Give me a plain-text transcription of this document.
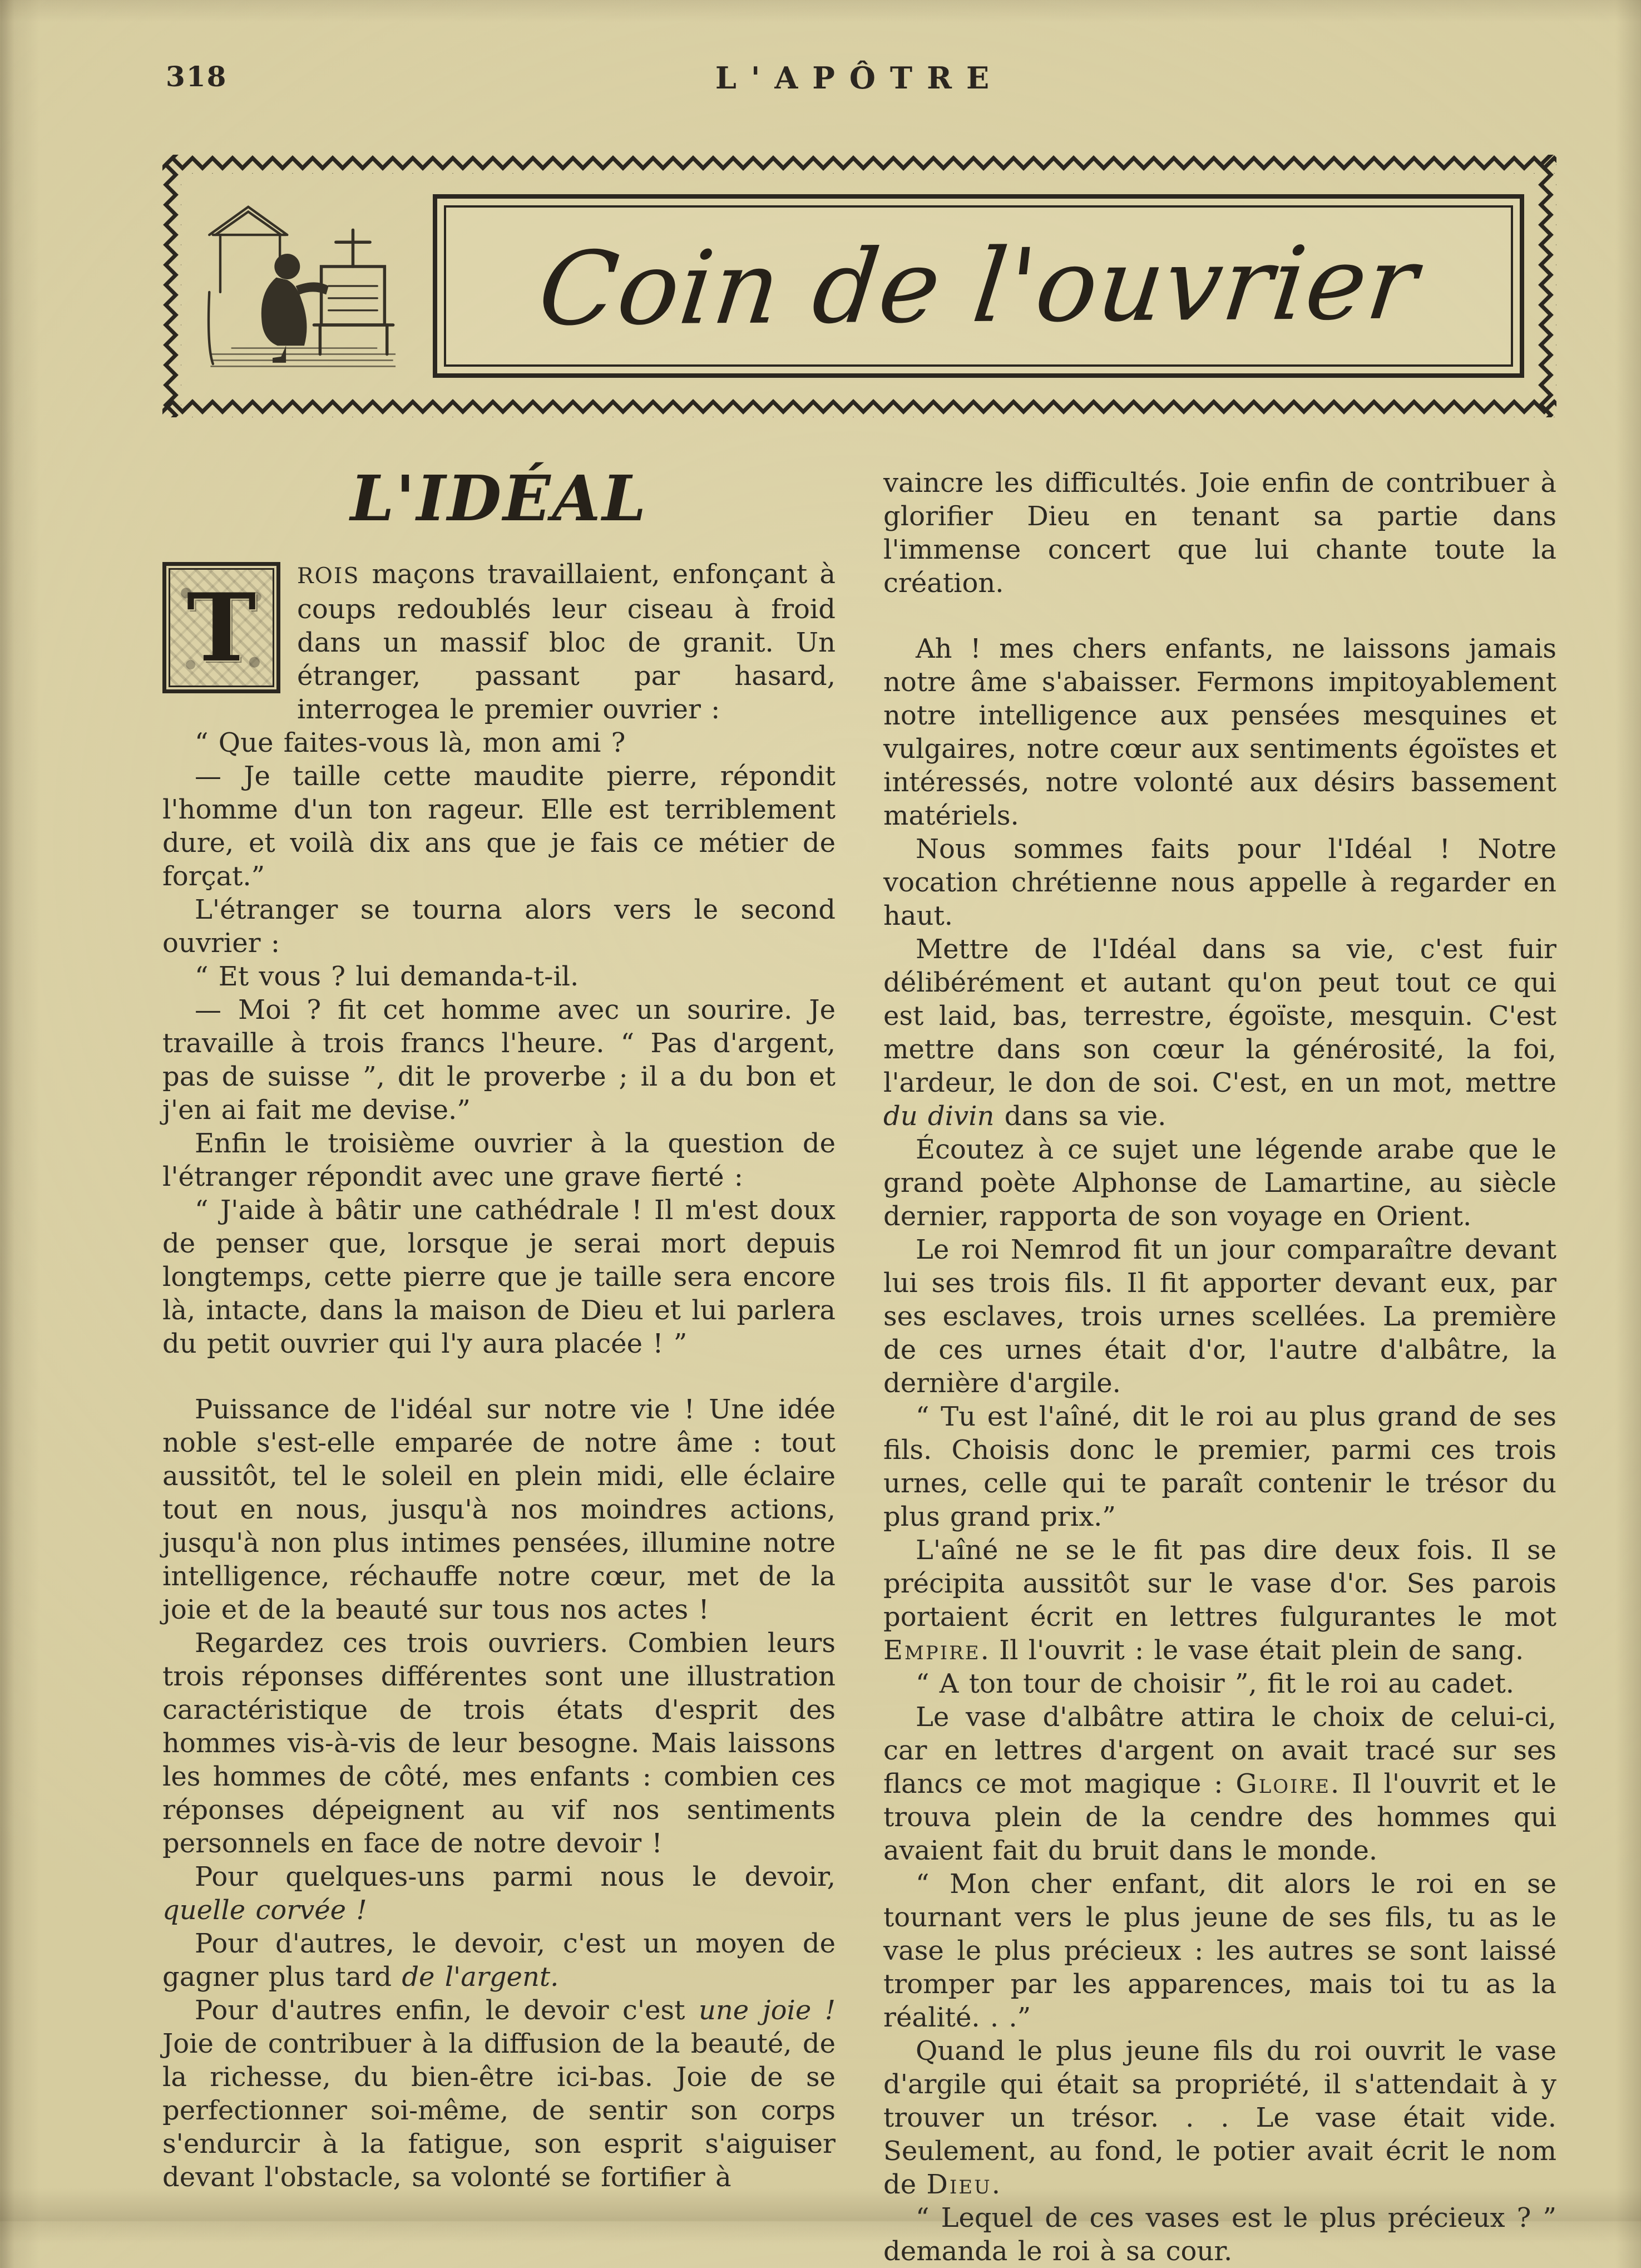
318	L'APÔTRE
Coin de l'ouvrier
L'IDÉAL

T ROIS maçons travaillaient, enfonçant à coups redoublés leur ciseau à froid dans un massif bloc de granit. Un étranger, passant par hasard, interrogea le premier ouvrier :

“ Que faites-vous là, mon ami ?

— Je taille cette maudite pierre, répondit l'homme d'un ton rageur. Elle est terriblement dure, et voilà dix ans que je fais ce métier de forçat.”

L'étranger se tourna alors vers le second ouvrier :

“ Et vous ? lui demanda-t-il.

— Moi ? fit cet homme avec un sourire. Je travaille à trois francs l'heure. “ Pas d'argent, pas de suisse ”, dit le proverbe ; il a du bon et j'en ai fait me devise.”

Enfin le troisième ouvrier à la question de l'étranger répondit avec une grave fierté :

“ J'aide à bâtir une cathédrale ! Il m'est doux de penser que, lorsque je serai mort depuis longtemps, cette pierre que je taille sera encore là, intacte, dans la maison de Dieu et lui parlera du petit ouvrier qui l'y aura placée ! ”

Puissance de l'idéal sur notre vie ! Une idée noble s'est-elle emparée de notre âme : tout aussitôt, tel le soleil en plein midi, elle éclaire tout en nous, jusqu'à nos moindres actions, jusqu'à non plus intimes pensées, illumine notre intelligence, réchauffe notre cœur, met de la joie et de la beauté sur tous nos actes !

Regardez ces trois ouvriers. Combien leurs trois réponses différentes sont une illustration caractéristique de trois états d'esprit des hommes vis-à-vis de leur besogne. Mais laissons les hommes de côté, mes enfants : combien ces réponses dépeignent au vif nos sentiments personnels en face de notre devoir !

Pour quelques-uns parmi nous le devoir, quelle corvée !

Pour d'autres, le devoir, c'est un moyen de gagner plus tard de l'argent.

Pour d'autres enfin, le devoir c'est une joie ! Joie de contribuer à la diffusion de la beauté, de la richesse, du bien-être ici-bas. Joie de se perfectionner soi-même, de sentir son corps s'endurcir à la fatigue, son esprit s'aiguiser devant l'obstacle, sa volonté se fortifier à

vaincre les difficultés. Joie enfin de contribuer à glorifier Dieu en tenant sa partie dans l'immense concert que lui chante toute la création.

Ah ! mes chers enfants, ne laissons jamais notre âme s'abaisser. Fermons impitoyablement notre intelligence aux pensées mesquines et vulgaires, notre cœur aux sentiments égoïstes et intéressés, notre volonté aux désirs bassement matériels.

Nous sommes faits pour l'Idéal ! Notre vocation chrétienne nous appelle à regarder en haut.

Mettre de l'Idéal dans sa vie, c'est fuir délibérément et autant qu'on peut tout ce qui est laid, bas, terrestre, égoïste, mesquin. C'est mettre dans son cœur la générosité, la foi, l'ardeur, le don de soi. C'est, en un mot, mettre du divin dans sa vie.

Écoutez à ce sujet une légende arabe que le grand poète Alphonse de Lamartine, au siècle dernier, rapporta de son voyage en Orient.

Le roi Nemrod fit un jour comparaître devant lui ses trois fils. Il fit apporter devant eux, par ses esclaves, trois urnes scellées. La première de ces urnes était d'or, l'autre d'albâtre, la dernière d'argile.

“ Tu est l'aîné, dit le roi au plus grand de ses fils. Choisis donc le premier, parmi ces trois urnes, celle qui te paraît contenir le trésor du plus grand prix.”

L'aîné ne se le fit pas dire deux fois. Il se précipita aussitôt sur le vase d'or. Ses parois portaient écrit en lettres fulgurantes le mot Empire. Il l'ouvrit : le vase était plein de sang.

“ A ton tour de choisir ”, fit le roi au cadet.

Le vase d'albâtre attira le choix de celui-ci, car en lettres d'argent on avait tracé sur ses flancs ce mot magique : Gloire. Il l'ouvrit et le trouva plein de la cendre des hommes qui avaient fait du bruit dans le monde.

“ Mon cher enfant, dit alors le roi en se tournant vers le plus jeune de ses fils, tu as le vase le plus précieux : les autres se sont laissé tromper par les apparences, mais toi tu as la réalité. . .”

Quand le plus jeune fils du roi ouvrit le vase d'argile qui était sa propriété, il s'attendait à y trouver un trésor. . . Le vase était vide. Seulement, au fond, le potier avait écrit le nom de Dieu.

“ Lequel de ces vases est le plus précieux ? ” demanda le roi à sa cour.
